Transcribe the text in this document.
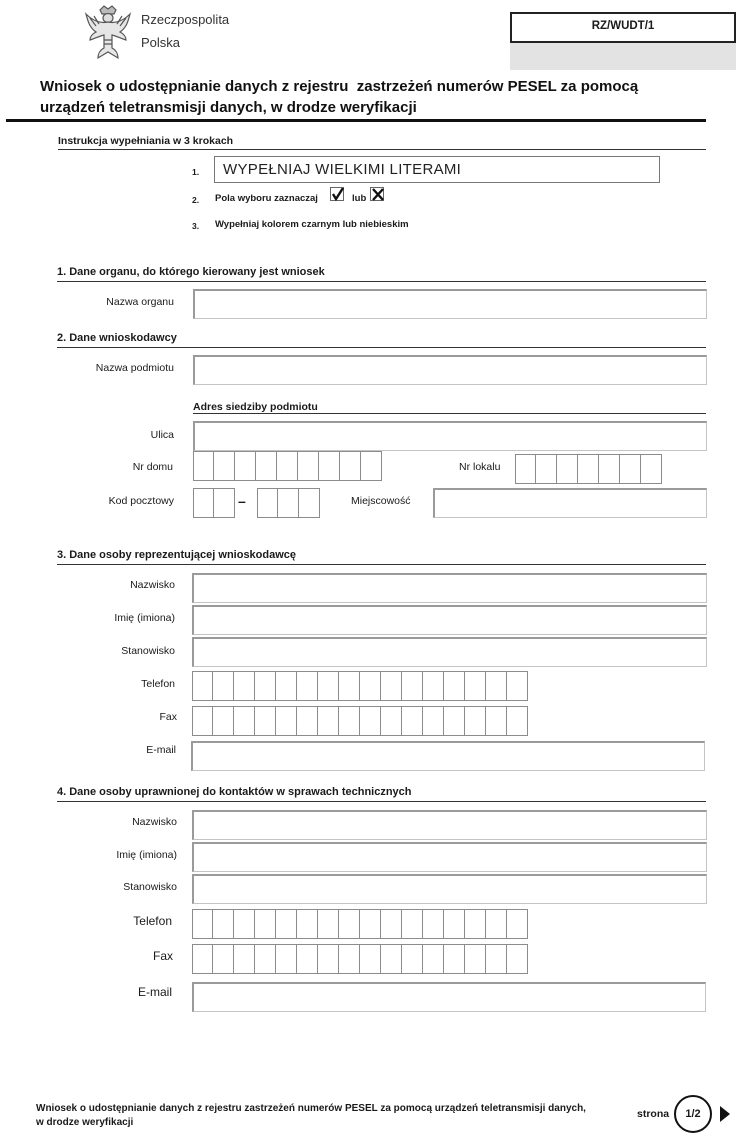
Rzeczpospolita
Polska
RZ/WUDT/1
Wniosek o udostępnianie danych z rejestru  zastrzeżeń numerów PESEL za pomocą
urządzeń teletransmisji danych, w drodze weryfikacji
Instrukcja wypełniania w 3 krokach
1. WYPEŁNIAJ WIELKIMI LITERAMI
2. Pola wyboru zaznaczaj	lub
3. Wypełniaj kolorem czarnym lub niebieskim
1. Dane organu, do którego kierowany jest wniosek
Nazwa organu
2. Dane wnioskodawcy
Nazwa podmiotu
Adres siedziby podmiotu
Ulica
Nr domu	Nr lokalu
Kod pocztowy	–	Miejscowość
3. Dane osoby reprezentującej wnioskodawcę
Nazwisko
Imię (imiona)
Stanowisko
Telefon
Fax
E-mail
4. Dane osoby uprawnionej do kontaktów w sprawach technicznych
Nazwisko
Imię (imiona)
Stanowisko
Telefon
Fax
E-mail
Wniosek o udostępnianie danych z rejestru zastrzeżeń numerów PESEL za pomocą urządzeń teletransmisji danych,
w drodze weryfikacji
strona 1/2
